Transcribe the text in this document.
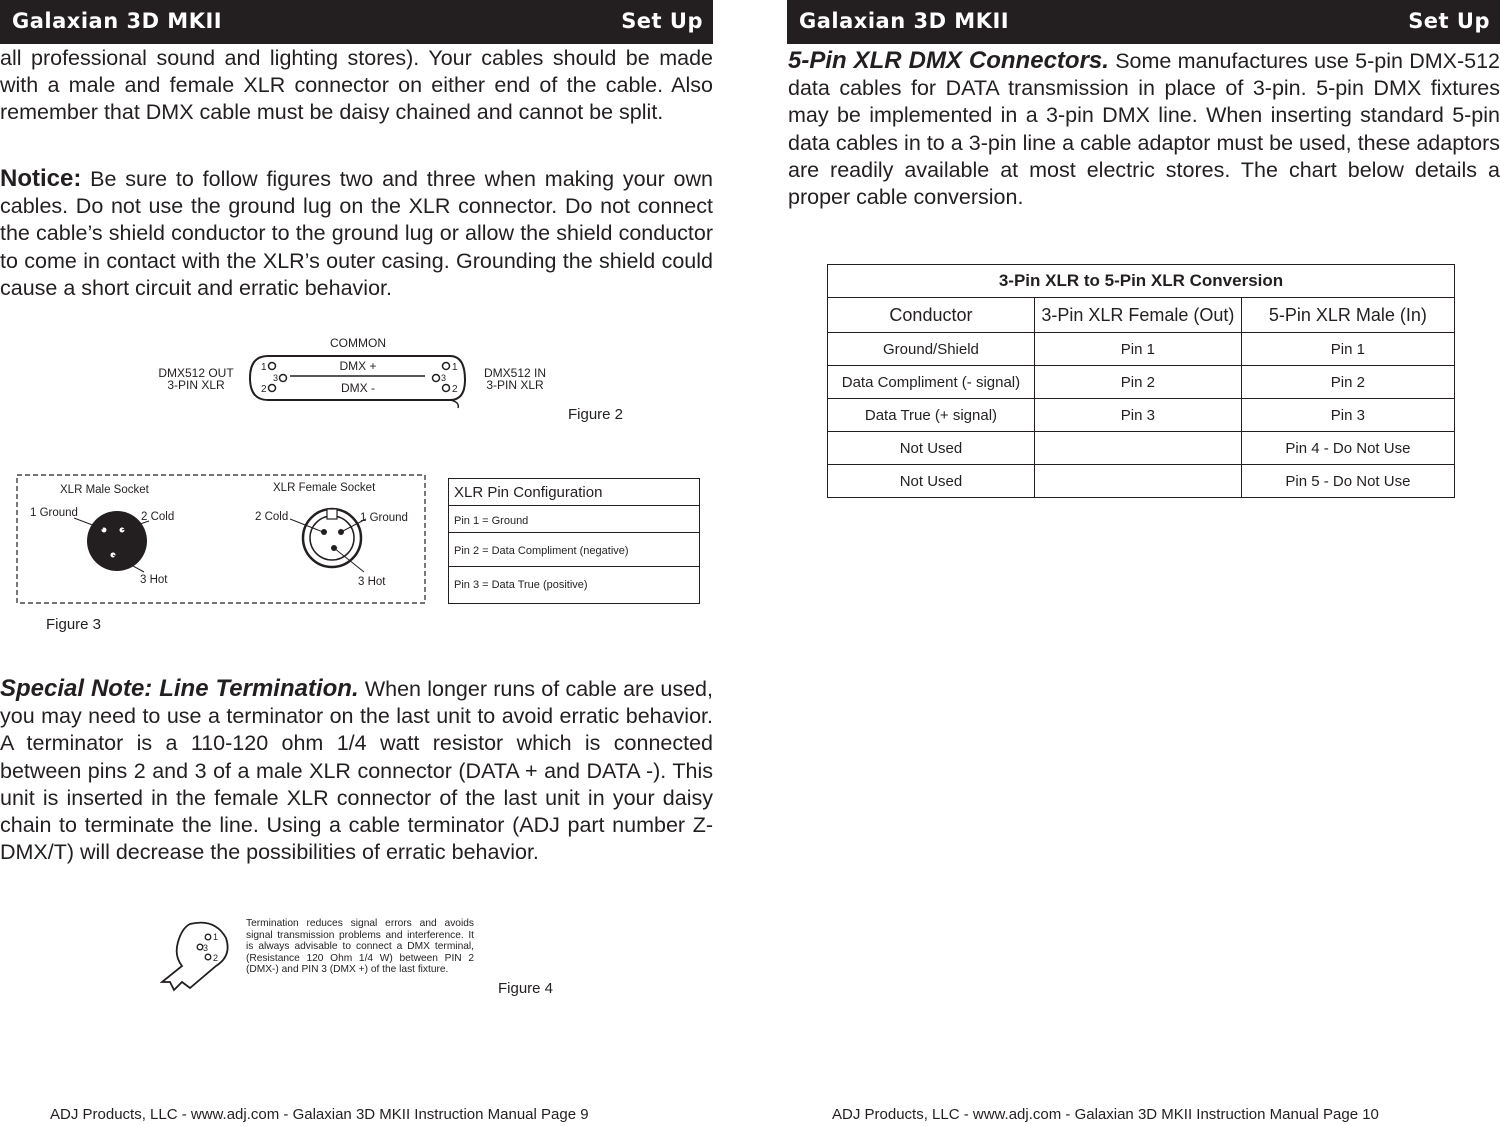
Galaxian 3D MKII	Set Up

all professional sound and lighting stores). Your cables should be made with a male and female XLR connector on either end of the cable. Also remember that DMX cable must be daisy chained and cannot be split.

Notice: Be sure to follow figures two and three when making your own cables. Do not use the ground lug on the XLR connector. Do not connect the cable’s shield conductor to the ground lug or allow the shield conductor to come in contact with the XLR’s outer casing. Grounding the shield could cause a short circuit and erratic behavior.

COMMON
DMX +
DMX -
1
3
2
1
3
2
DMX512 OUT
3-PIN XLR
DMX512 IN
3-PIN XLR
Figure 2
XLR Male Socket	XLR Female Socket
1 Ground	2 Cold
3 Hot
2 Cold	1 Ground
3 Hot
XLR Pin Configuration
Pin 1 = Ground
Pin 2 = Data Compliment (negative)
Pin 3 = Data True (positive)
Figure 3

Special Note: Line Termination. When longer runs of cable are used, you may need to use a terminator on the last unit to avoid erratic behavior. A terminator is a 110-120 ohm 1/4 watt resistor which is connected between pins 2 and 3 of a male XLR connector (DATA + and DATA -). This unit is inserted in the female XLR connector of the last unit in your daisy chain to terminate the line. Using a cable terminator (ADJ part number Z-DMX/T) will decrease the possibilities of erratic behavior.

1
3
2
Termination reduces signal errors and avoids signal transmission problems and interference. It is always advisable to connect a DMX terminal, (Resistance 120 Ohm 1/4 W) between PIN 2 (DMX-) and PIN 3 (DMX +) of the last fixture.
Figure 4
ADJ Products, LLC - www.adj.com - Galaxian 3D MKII Instruction Manual Page 9
Galaxian 3D MKII	Set Up

5-Pin XLR DMX Connectors. Some manufactures use 5-pin DMX-512 data cables for DATA transmission in place of 3-pin. 5-pin DMX fixtures may be implemented in a 3-pin DMX line. When inserting standard 5-pin data cables in to a 3-pin line a cable adaptor must be used, these adaptors are readily available at most electric stores. The chart below details a proper cable conversion.

3-Pin XLR to 5-Pin XLR Conversion		
Conductor	3-Pin XLR Female (Out)	5-Pin XLR Male (In)
Ground/Shield	Pin 1	Pin 1
Data Compliment (- signal)	Pin 2	Pin 2
Data True (+ signal)	Pin 3	Pin 3
Not Used		Pin 4 - Do Not Use
Not Used		Pin 5 - Do Not Use
ADJ Products, LLC - www.adj.com - Galaxian 3D MKII Instruction Manual Page 10
